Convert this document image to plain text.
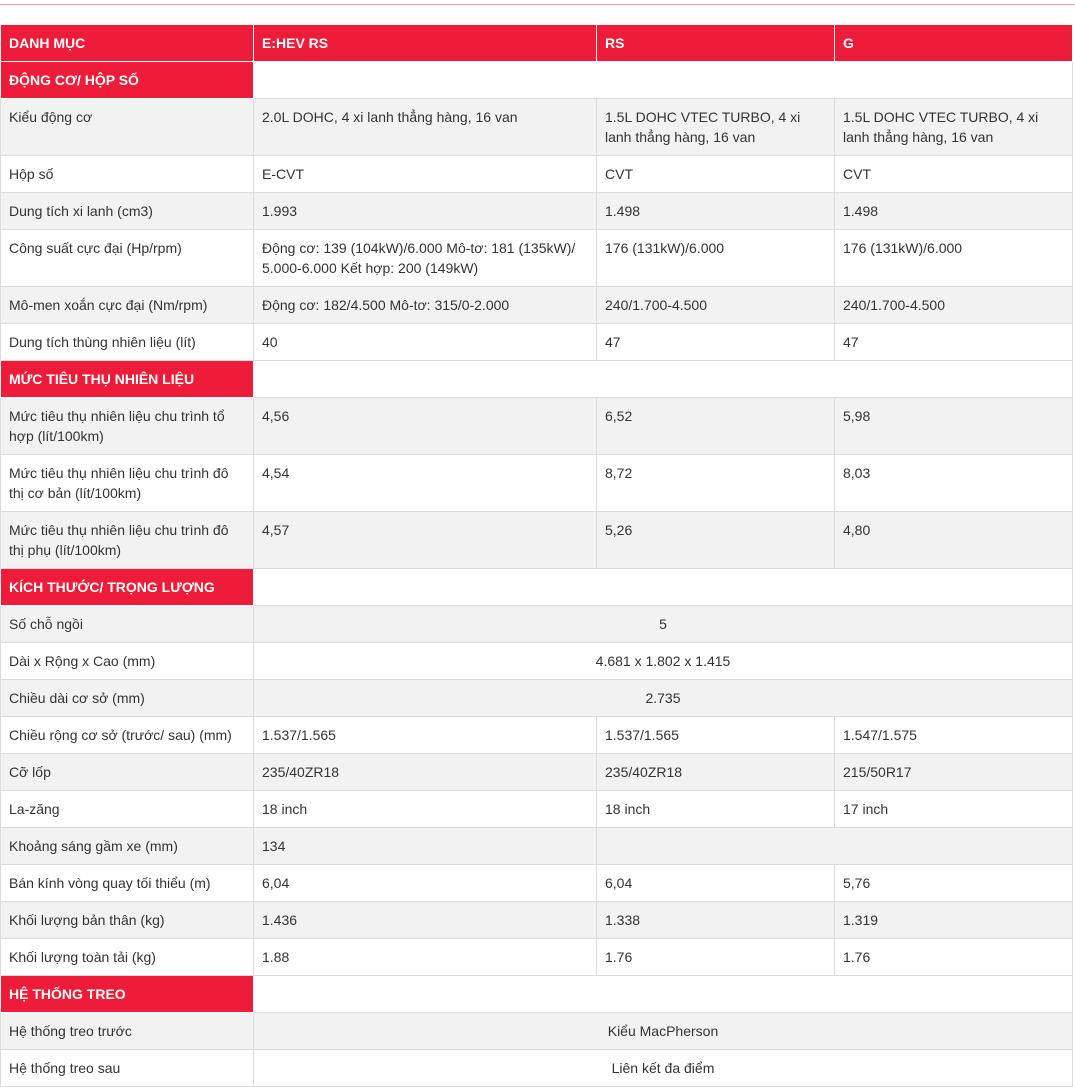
DANH MỤC	E:HEV RS	RS	G
ĐỘNG CƠ/ HỘP SỐ			
Kiểu động cơ	2.0L DOHC, 4 xi lanh thẳng hàng, 16 van	1.5L DOHC VTEC TURBO, 4 xi lanh thẳng hàng, 16 van	1.5L DOHC VTEC TURBO, 4 xi lanh thẳng hàng, 16 van
Hộp số	E-CVT	CVT	CVT
Dung tích xi lanh (cm3)	1.993	1.498	1.498
Công suất cực đại (Hp/rpm)	Động cơ: 139 (104kW)/6.000 Mô-tơ: 181 (135kW)/ 5.000-6.000 Kết hợp: 200 (149kW)	176 (131kW)/6.000	176 (131kW)/6.000
Mô-men xoắn cực đại (Nm/rpm)	Động cơ: 182/4.500 Mô-tơ: 315/0-2.000	240/1.700-4.500	240/1.700-4.500
Dung tích thùng nhiên liệu (lít)	40	47	47
MỨC TIÊU THỤ NHIÊN LIỆU			
Mức tiêu thụ nhiên liệu chu trình tổ hợp (lít/100km)	4,56	6,52	5,98
Mức tiêu thụ nhiên liệu chu trình đô thị cơ bản (lít/100km)	4,54	8,72	8,03
Mức tiêu thụ nhiên liệu chu trình đô thị phụ (lít/100km)	4,57	5,26	4,80
KÍCH THƯỚC/ TRỌNG LƯỢNG			
Số chỗ ngồi	5		
Dài x Rộng x Cao (mm)	4.681 x 1.802 x 1.415		
Chiều dài cơ sở (mm)	2.735		
Chiều rộng cơ sở (trước/ sau) (mm)	1.537/1.565	1.537/1.565	1.547/1.575
Cỡ lốp	235/40ZR18	235/40ZR18	215/50R17
La-zăng	18 inch	18 inch	17 inch
Khoảng sáng gầm xe (mm)	134		
Bán kính vòng quay tối thiểu (m)	6,04	6,04	5,76
Khối lượng bản thân (kg)	1.436	1.338	1.319
Khối lượng toàn tải (kg)	1.88	1.76	1.76
HỆ THỐNG TREO			
Hệ thống treo trước	Kiểu MacPherson		
Hệ thống treo sau	Liên kết đa điểm		
